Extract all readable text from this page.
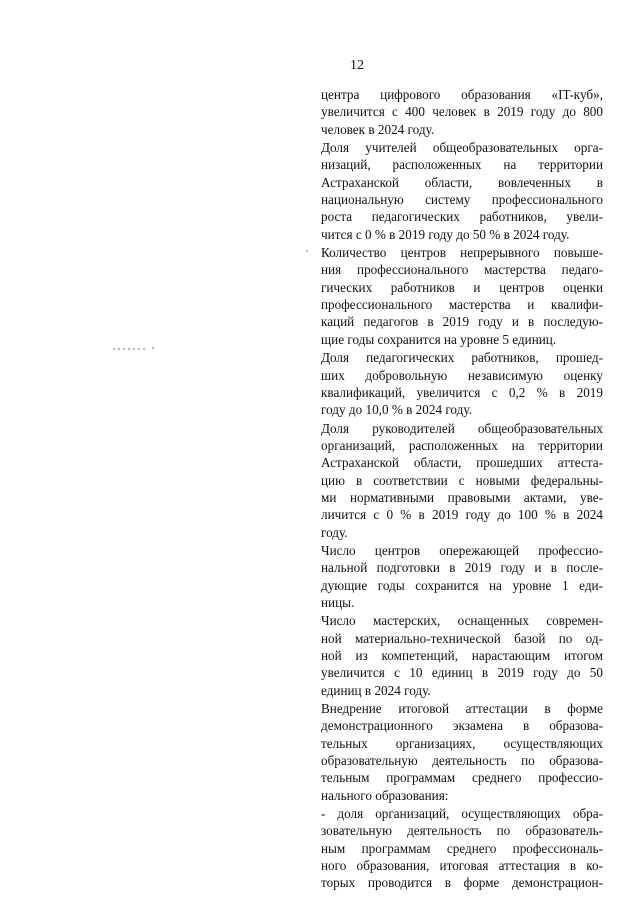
12
центра цифрового образования «IT-куб»,
увеличится с 400 человек в 2019 году до 800
человек в 2024 году.
Доля учителей общеобразовательных орга-
низаций, расположенных на территории
Астраханской области, вовлеченных в
национальную систему профессионального
роста педагогических работников, увели-
чится с 0 % в 2019 году до 50 % в 2024 году.
Количество центров непрерывного повыше-
ния профессионального мастерства педаго-
гических работников и центров оценки
профессионального мастерства и квалифи-
каций педагогов в 2019 году и в последую-
щие годы сохранится на уровне 5 единиц.
Доля педагогических работников, прошед-
ших добровольную независимую оценку
квалификаций, увеличится с 0,2 % в 2019
году до 10,0 % в 2024 году.
Доля руководителей общеобразовательных
организаций, расположенных на территории
Астраханской области, прошедших аттеста-
цию в соответствии с новыми федеральны-
ми нормативными правовыми актами, уве-
личится с 0 % в 2019 году до 100 % в 2024
году.
Число центров опережающей профессио-
нальной подготовки в 2019 году и в после-
дующие годы сохранится на уровне 1 еди-
ницы.
Число мастерских, оснащенных современ-
ной материально-технической базой по од-
ной из компетенций, нарастающим итогом
увеличится с 10 единиц в 2019 году до 50
единиц в 2024 году.
Внедрение итоговой аттестации в форме
демонстрационного экзамена в образова-
тельных организациях, осуществляющих
образовательную деятельность по образова-
тельным программам среднего профессио-
нального образования:
- доля организаций, осуществляющих обра-
зовательную деятельность по образователь-
ным программам среднего профессиональ-
ного образования, итоговая аттестация в ко-
торых проводится в форме демонстрацион-
